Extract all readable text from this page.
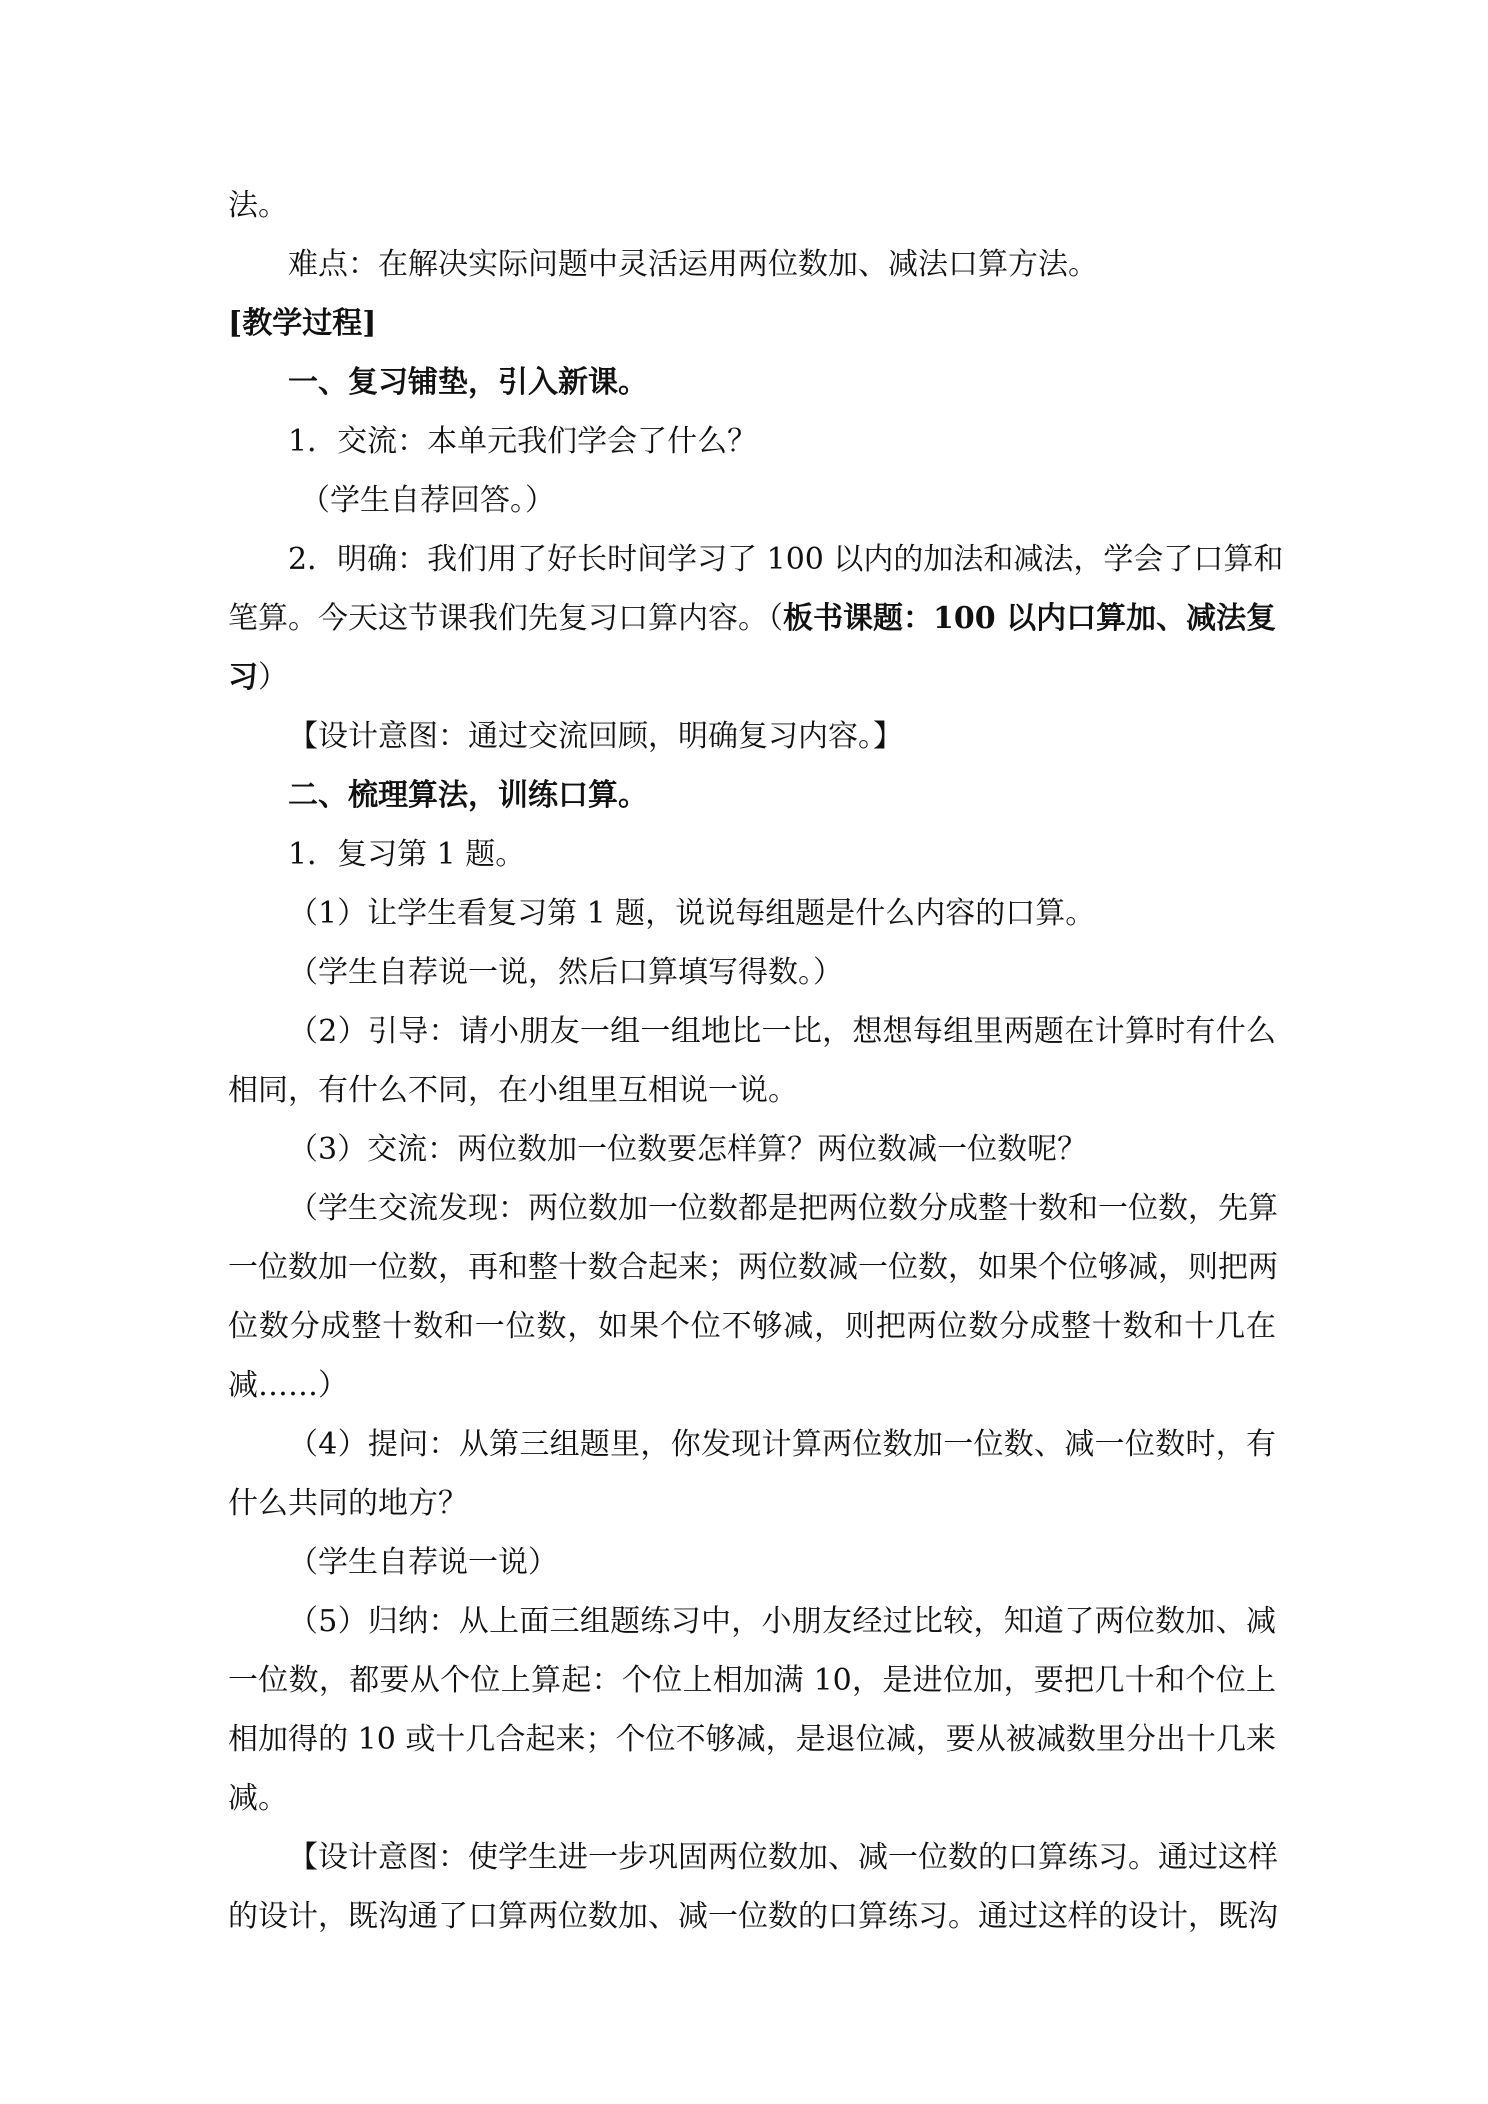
法。

难点：在解决实际问题中灵活运用两位数加、减法口算方法。

[教学过程]

一、复习铺垫，引入新课。

1．交流：本单元我们学会了什么？

（学生自荐回答。）

2．明确：我们用了好长时间学习了 100 以内的加法和减法，学会了口算和

笔算。今天这节课我们先复习口算内容。（板书课题：100 以内口算加、减法复

习）

【设计意图：通过交流回顾，明确复习内容。】

二、梳理算法，训练口算。

1．复习第 1 题。

（1）让学生看复习第 1 题，说说每组题是什么内容的口算。

（学生自荐说一说，然后口算填写得数。）

（2）引导：请小朋友一组一组地比一比，想想每组里两题在计算时有什么

相同，有什么不同，在小组里互相说一说。

（3）交流：两位数加一位数要怎样算？两位数减一位数呢？

（学生交流发现：两位数加一位数都是把两位数分成整十数和一位数，先算

一位数加一位数，再和整十数合起来；两位数减一位数，如果个位够减，则把两

位数分成整十数和一位数，如果个位不够减，则把两位数分成整十数和十几在

减……）

（4）提问：从第三组题里，你发现计算两位数加一位数、减一位数时，有

什么共同的地方？

（学生自荐说一说）

（5）归纳：从上面三组题练习中，小朋友经过比较，知道了两位数加、减

一位数，都要从个位上算起：个位上相加满 10，是进位加，要把几十和个位上

相加得的 10 或十几合起来；个位不够减，是退位减，要从被减数里分出十几来

减。

【设计意图：使学生进一步巩固两位数加、减一位数的口算练习。通过这样

的设计，既沟通了口算两位数加、减一位数的口算练习。通过这样的设计，既沟
